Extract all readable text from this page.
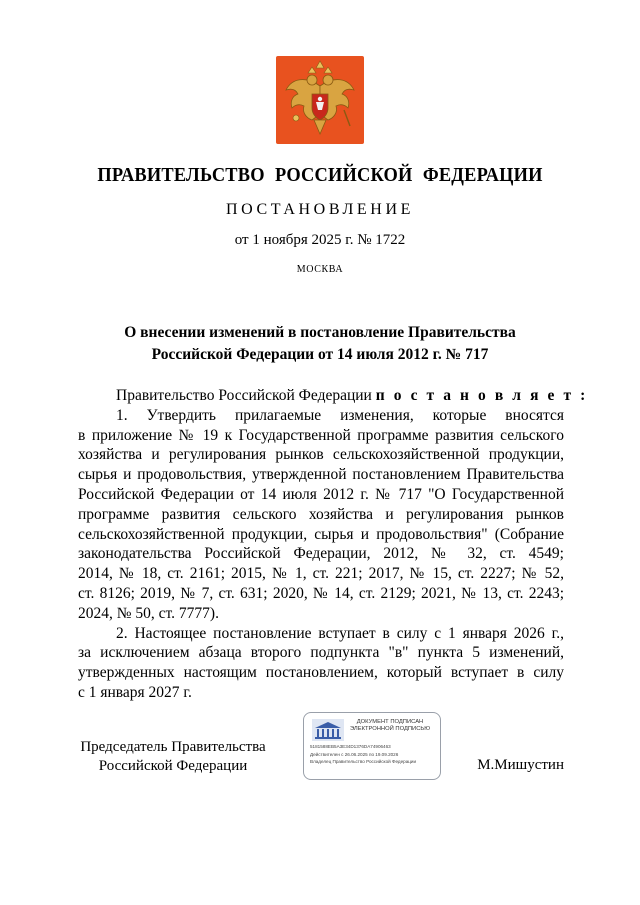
ПРАВИТЕЛЬСТВО РОССИЙСКОЙ ФЕДЕРАЦИИ
ПОСТАНОВЛЕНИЕ
от 1 ноября 2025 г. № 1722
МОСКВА
О внесении изменений в постановление Правительства
Российской Федерации от 14 июля 2012 г. № 717
Правительство Российской Федерации п о с т а н о в л я е т :
1. Утвердить прилагаемые изменения, которые вносятся
в приложение № 19 к Государственной программе развития сельского
хозяйства и регулирования рынков сельскохозяйственной продукции,
сырья и продовольствия, утвержденной постановлением Правительства
Российской Федерации от 14 июля 2012 г. № 717 "О Государственной
программе развития сельского хозяйства и регулирования рынков
сельскохозяйственной продукции, сырья и продовольствия" (Собрание
законодательства Российской Федерации, 2012, № 32, ст. 4549;
2014, № 18, ст. 2161; 2015, № 1, ст. 221; 2017, № 15, ст. 2227; № 52,
ст. 8126; 2019, № 7, ст. 631; 2020, № 14, ст. 2129; 2021, № 13, ст. 2243;
2024, № 50, ст. 7777).
2. Настоящее постановление вступает в силу с 1 января 2026 г.,
за исключением абзаца второго подпункта "в" пункта 5 изменений,
утвержденных настоящим постановлением, который вступает в силу
с 1 января 2027 г.
Председатель Правительства
Российской Федерации
ДОКУМЕНТ ПОДПИСАН
ЭЛЕКТРОННОЙ ПОДПИСЬЮ
5181588EB5A3E34D1376DA74906463
Действителен с 26.06.2025 по 19.09.2026
Владелец Правительство Российской Федерации	М.Мишустин
